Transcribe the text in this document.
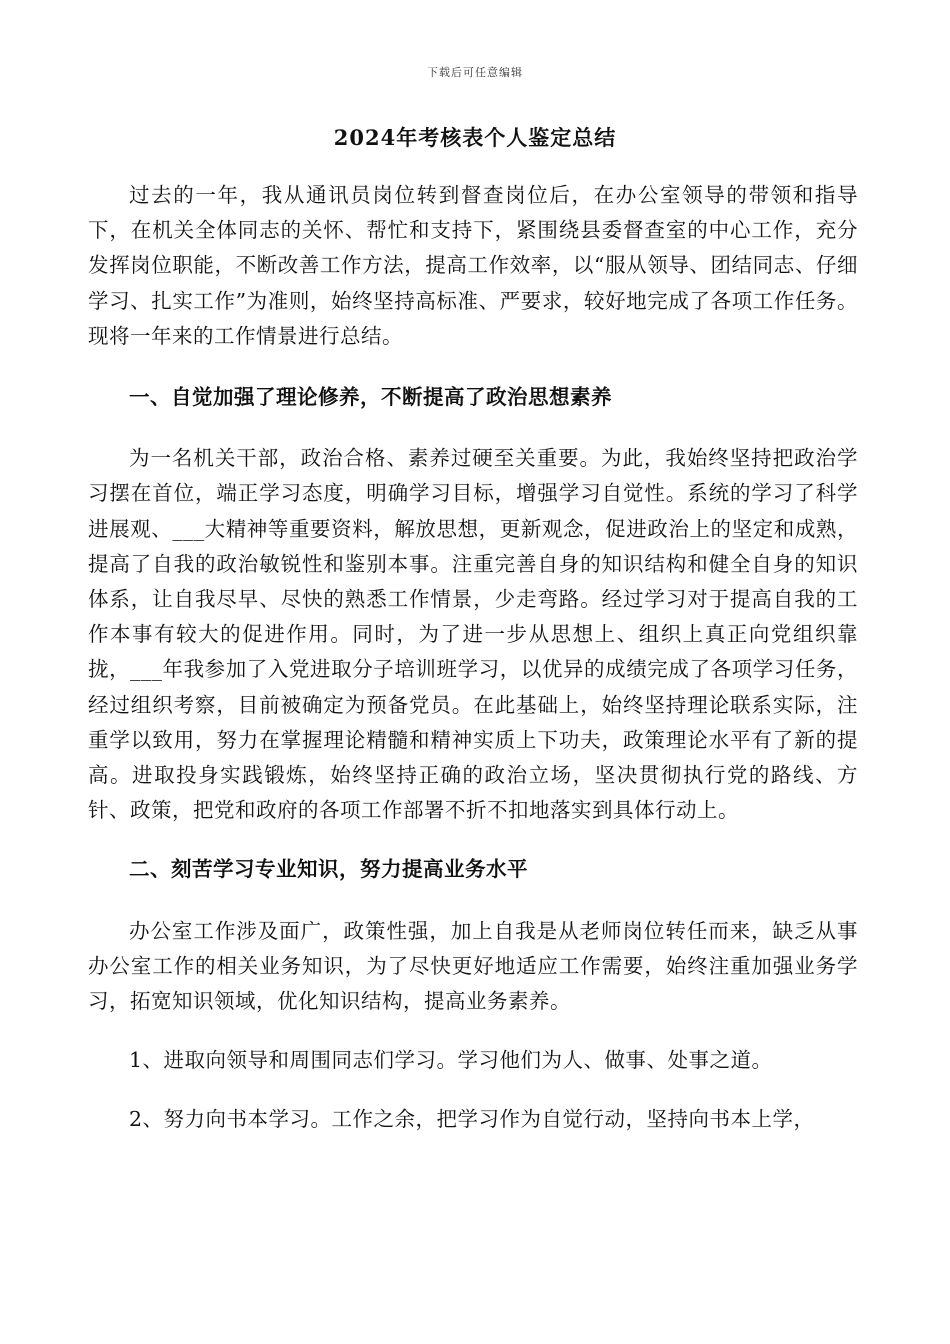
下载后可任意编辑
2024年考核表个人鉴定总结

过去的一年，我从通讯员岗位转到督查岗位后，在办公室领导的带领和指导下，在机关全体同志的关怀、帮忙和支持下，紧围绕县委督查室的中心工作，充分发挥岗位职能，不断改善工作方法，提高工作效率，以“服从领导、团结同志、仔细学习、扎实工作”为准则，始终坚持高标准、严要求，较好地完成了各项工作任务。现将一年来的工作情景进行总结。

一、自觉加强了理论修养，不断提高了政治思想素养

为一名机关干部，政治合格、素养过硬至关重要。为此，我始终坚持把政治学习摆在首位，端正学习态度，明确学习目标，增强学习自觉性。系统的学习了科学进展观、___大精神等重要资料，解放思想，更新观念，促进政治上的坚定和成熟，提高了自我的政治敏锐性和鉴别本事。注重完善自身的知识结构和健全自身的知识体系，让自我尽早、尽快的熟悉工作情景，少走弯路。经过学习对于提高自我的工作本事有较大的促进作用。同时，为了进一步从思想上、组织上真正向党组织靠拢，___年我参加了入党进取分子培训班学习，以优异的成绩完成了各项学习任务，经过组织考察，目前被确定为预备党员。在此基础上，始终坚持理论联系实际，注重学以致用，努力在掌握理论精髓和精神实质上下功夫，政策理论水平有了新的提高。进取投身实践锻炼，始终坚持正确的政治立场，坚决贯彻执行党的路线、方针、政策，把党和政府的各项工作部署不折不扣地落实到具体行动上。

二、刻苦学习专业知识，努力提高业务水平

办公室工作涉及面广，政策性强，加上自我是从老师岗位转任而来，缺乏从事办公室工作的相关业务知识，为了尽快更好地适应工作需要，始终注重加强业务学习，拓宽知识领域，优化知识结构，提高业务素养。

1、进取向领导和周围同志们学习。学习他们为人、做事、处事之道。

2、努力向书本学习。工作之余，把学习作为自觉行动，坚持向书本上学，
